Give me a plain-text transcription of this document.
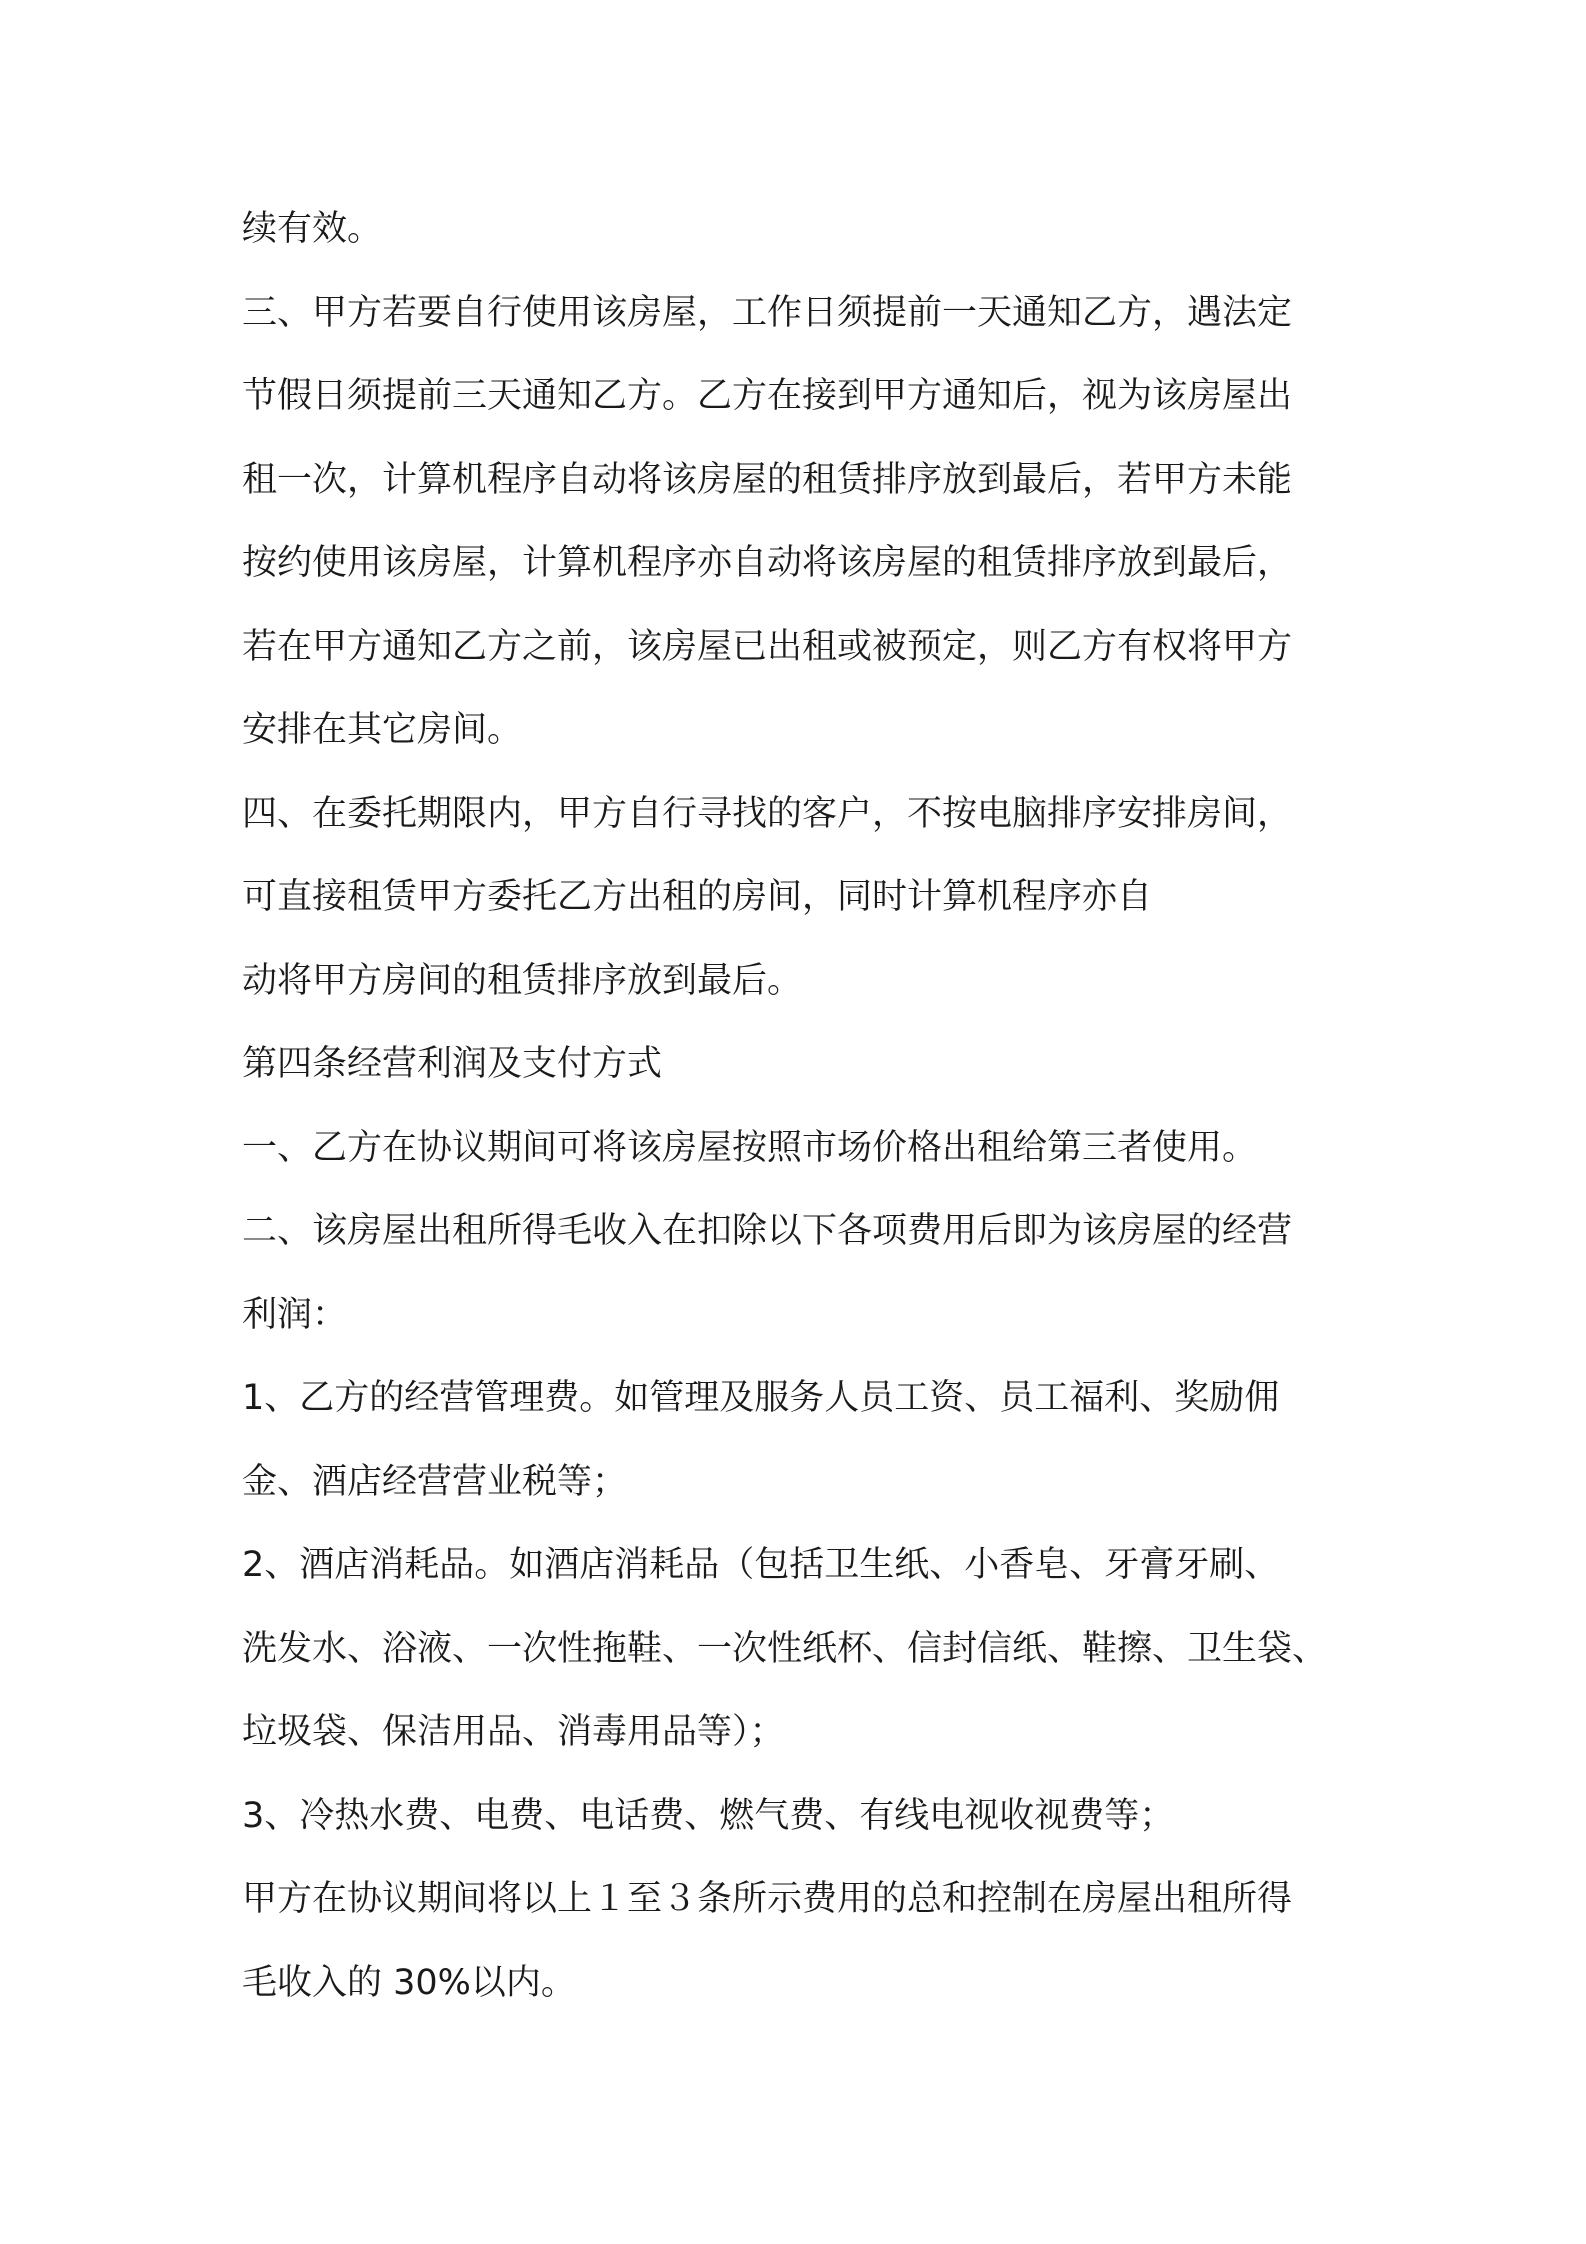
续有效。
三、甲方若要自行使用该房屋，工作日须提前一天通知乙方，遇法定
节假日须提前三天通知乙方。乙方在接到甲方通知后，视为该房屋出
租一次，计算机程序自动将该房屋的租赁排序放到最后，若甲方未能
按约使用该房屋，计算机程序亦自动将该房屋的租赁排序放到最后，
若在甲方通知乙方之前，该房屋已出租或被预定，则乙方有权将甲方
安排在其它房间。
四、在委托期限内，甲方自行寻找的客户，不按电脑排序安排房间，
可直接租赁甲方委托乙方出租的房间，同时计算机程序亦自
动将甲方房间的租赁排序放到最后。
第四条经营利润及支付方式
一、乙方在协议期间可将该房屋按照市场价格出租给第三者使用。
二、该房屋出租所得毛收入在扣除以下各项费用后即为该房屋的经营
利润：
1、乙方的经营管理费。如管理及服务人员工资、员工福利、奖励佣
金、酒店经营营业税等；
2、酒店消耗品。如酒店消耗品（包括卫生纸、小香皂、牙膏牙刷、
洗发水、浴液、一次性拖鞋、一次性纸杯、信封信纸、鞋擦、卫生袋、
垃圾袋、保洁用品、消毒用品等）；
3、冷热水费、电费、电话费、燃气费、有线电视收视费等；
甲方在协议期间将以上１至３条所示费用的总和控制在房屋出租所得
毛收入的 30%以内。
